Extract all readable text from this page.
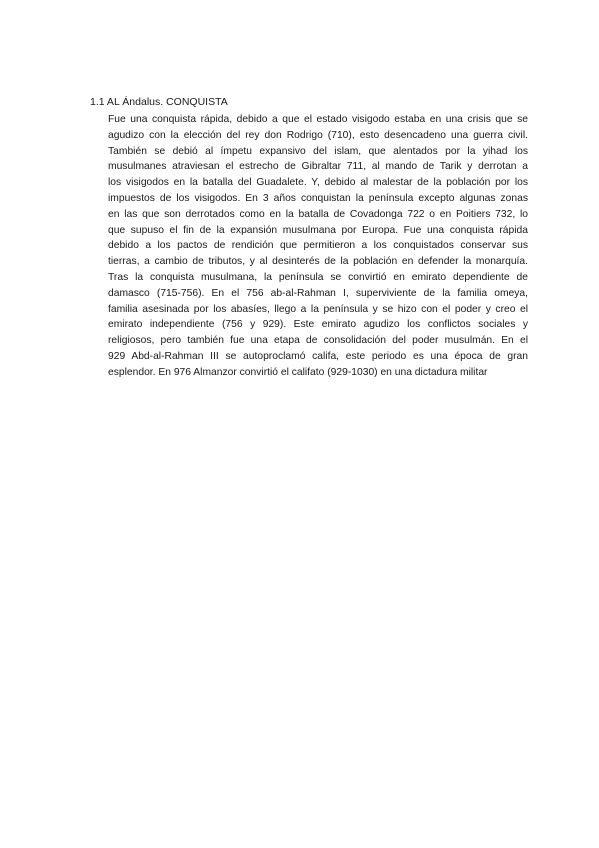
1.1 AL Ándalus. CONQUISTA
Fue una conquista rápida, debido a que el estado visigodo estaba en una crisis que se
agudizo con la elección del rey don Rodrigo (710), esto desencadeno una guerra civil.
También se debió al ímpetu expansivo del islam, que alentados por la yihad los
musulmanes atraviesan el estrecho de Gibraltar 711, al mando de Tarik y derrotan a
los visigodos en la batalla del Guadalete. Y, debido al malestar de la población por los
impuestos de los visigodos. En 3 años conquistan la península excepto algunas zonas
en las que son derrotados como en la batalla de Covadonga 722 o en Poitiers 732, lo
que supuso el fin de la expansión musulmana por Europa. Fue una conquista rápida
debido a los pactos de rendición que permitieron a los conquistados conservar sus
tierras, a cambio de tributos, y al desinterés de la población en defender la monarquía.
Tras la conquista musulmana, la península se convirtió en emirato dependiente de
damasco (715-756). En el 756 ab-al-Rahman I, superviviente de la familia omeya,
familia asesinada por los abasíes, llego a la península y se hizo con el poder y creo el
emirato independiente (756 y 929). Este emirato agudizo los conflictos sociales y
religiosos, pero también fue una etapa de consolidación del poder musulmán. En el
929 Abd-al-Rahman III se autoproclamó califa, este periodo es una época de gran
esplendor. En 976 Almanzor convirtió el califato (929-1030) en una dictadura militar
